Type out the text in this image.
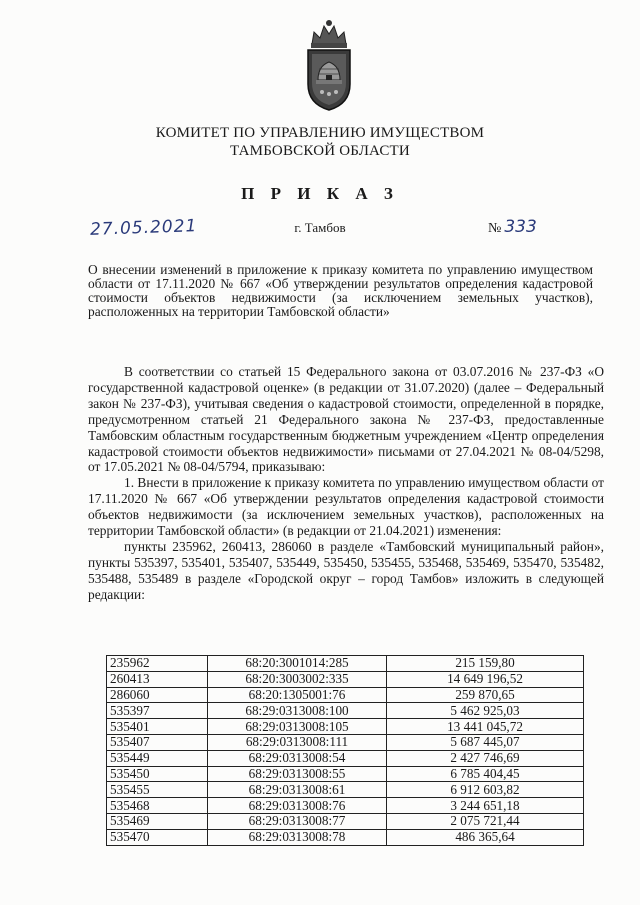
КОМИТЕТ ПО УПРАВЛЕНИЮ ИМУЩЕСТВОМ
ТАМБОВСКОЙ ОБЛАСТИ
П Р И К А З
27.05.2021	г. Тамбов	№ 333
О внесении изменений в приложение к приказу комитета по управлению имуществом области от 17.11.2020 № 667 «Об утверждении результатов определения кадастровой стоимости объектов недвижимости (за исключением земельных участков), расположенных на территории Тамбовской области»

В соответствии со статьей 15 Федерального закона от 03.07.2016 № 237-ФЗ «О государственной кадастровой оценке» (в редакции от 31.07.2020) (далее – Федеральный закон № 237-ФЗ), учитывая сведения о кадастровой стоимости, определенной в порядке, предусмотренном статьей 21 Федерального закона № 237-ФЗ, предоставленные Тамбовским областным государственным бюджетным учреждением «Центр определения кадастровой стоимости объектов недвижимости» письмами от 27.04.2021 № 08-04/5298, от 17.05.2021 № 08-04/5794, приказываю:

1. Внести в приложение к приказу комитета по управлению имуществом области от 17.11.2020 № 667 «Об утверждении результатов определения кадастровой стоимости объектов недвижимости (за исключением земельных участков), расположенных на территории Тамбовской области» (в редакции от 21.04.2021) изменения:

пункты 235962, 260413, 286060 в разделе «Тамбовский муниципальный район», пункты 535397, 535401, 535407, 535449, 535450, 535455, 535468, 535469, 535470, 535482, 535488, 535489 в разделе «Городской округ – город Тамбов» изложить в следующей редакции:

235962	68:20:3001014:285	215 159,80
260413	68:20:3003002:335	14 649 196,52
286060	68:20:1305001:76	259 870,65
535397	68:29:0313008:100	5 462 925,03
535401	68:29:0313008:105	13 441 045,72
535407	68:29:0313008:111	5 687 445,07
535449	68:29:0313008:54	2 427 746,69
535450	68:29:0313008:55	6 785 404,45
535455	68:29:0313008:61	6 912 603,82
535468	68:29:0313008:76	3 244 651,18
535469	68:29:0313008:77	2 075 721,44
535470	68:29:0313008:78	486 365,64
